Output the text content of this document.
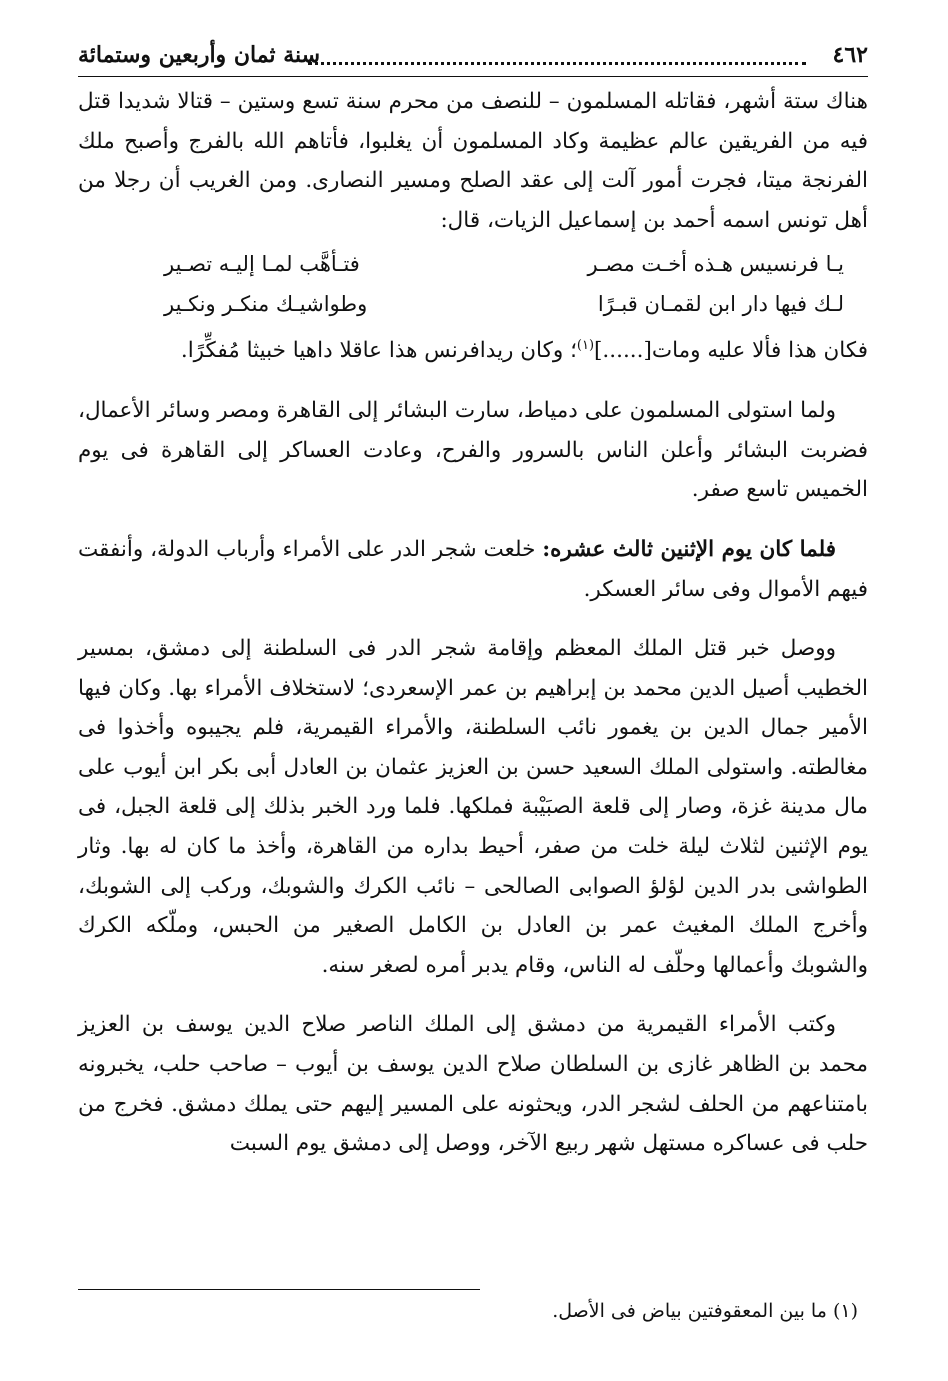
٤٦٢
سنة ثمان وأربعين وستمائة

هناك ستة أشهر، فقاتله المسلمون – للنصف من محرم سنة تسع وستين – قتالا شديدا قتل فيه من الفريقين عالم عظيمة وكاد المسلمون أن يغلبوا، فأتاهم الله بالفرج وأصبح ملك الفرنجة ميتا، فجرت أمور آلت إلى عقد الصلح ومسير النصارى. ومن الغريب أن رجلا من أهل تونس اسمه أحمد بن إسماعيل الزيات، قال:

يـا فرنسيس هـذه أخـت مصـر
فتـأهَّب لمـا إليـه تصـير
لـك فيها دار ابن لقمـان قبـرًا
وطواشيـك منكـر ونكـير

فكان هذا فألا عليه ومات[......]$^{(١)}$؛ وكان ريدافرنس هذا عاقلا داهيا خبيثا مُفكِّرًا.

ولما استولى المسلمون على دمياط، سارت البشائر إلى القاهرة ومصر وسائر الأعمال، فضربت البشائر وأعلن الناس بالسرور والفرح، وعادت العساكر إلى القاهرة فى يوم الخميس تاسع صفر.

فلما كان يوم الإثنين ثالث عشره: خلعت شجر الدر على الأمراء وأرباب الدولة، وأنفقت فيهم الأموال وفى سائر العسكر.

ووصل خبر قتل الملك المعظم وإقامة شجر الدر فى السلطنة إلى دمشق، بمسير الخطيب أصيل الدين محمد بن إبراهيم بن عمر الإسعردى؛ لاستخلاف الأمراء بها. وكان فيها الأمير جمال الدين بن يغمور نائب السلطنة، والأمراء القيمرية، فلم يجيبوه وأخذوا فى مغالطته. واستولى الملك السعيد حسن بن العزيز عثمان بن العادل أبى بكر ابن أيوب على مال مدينة غزة، وصار إلى قلعة الصبَيْبة فملكها. فلما ورد الخبر بذلك إلى قلعة الجبل، فى يوم الإثنين لثلاث ليلة خلت من صفر، أحيط بداره من القاهرة، وأخذ ما كان له بها. وثار الطواشى بدر الدين لؤلؤ الصوابى الصالحى – نائب الكرك والشوبك، وركب إلى الشوبك، وأخرج الملك المغيث عمر بن العادل بن الكامل الصغير من الحبس، وملّكه الكرك والشوبك وأعمالها وحلّف له الناس، وقام يدبر أمره لصغر سنه.

وكتب الأمراء القيمرية من دمشق إلى الملك الناصر صلاح الدين يوسف بن العزيز محمد بن الظاهر غازى بن السلطان صلاح الدين يوسف بن أيوب – صاحب حلب، يخبرونه بامتناعهم من الحلف لشجر الدر، ويحثونه على المسير إليهم حتى يملك دمشق. فخرج من حلب فى عساكره مستهل شهر ربيع الآخر، ووصل إلى دمشق يوم السبت

(١) ما بين المعقوفتين بياض فى الأصل.
